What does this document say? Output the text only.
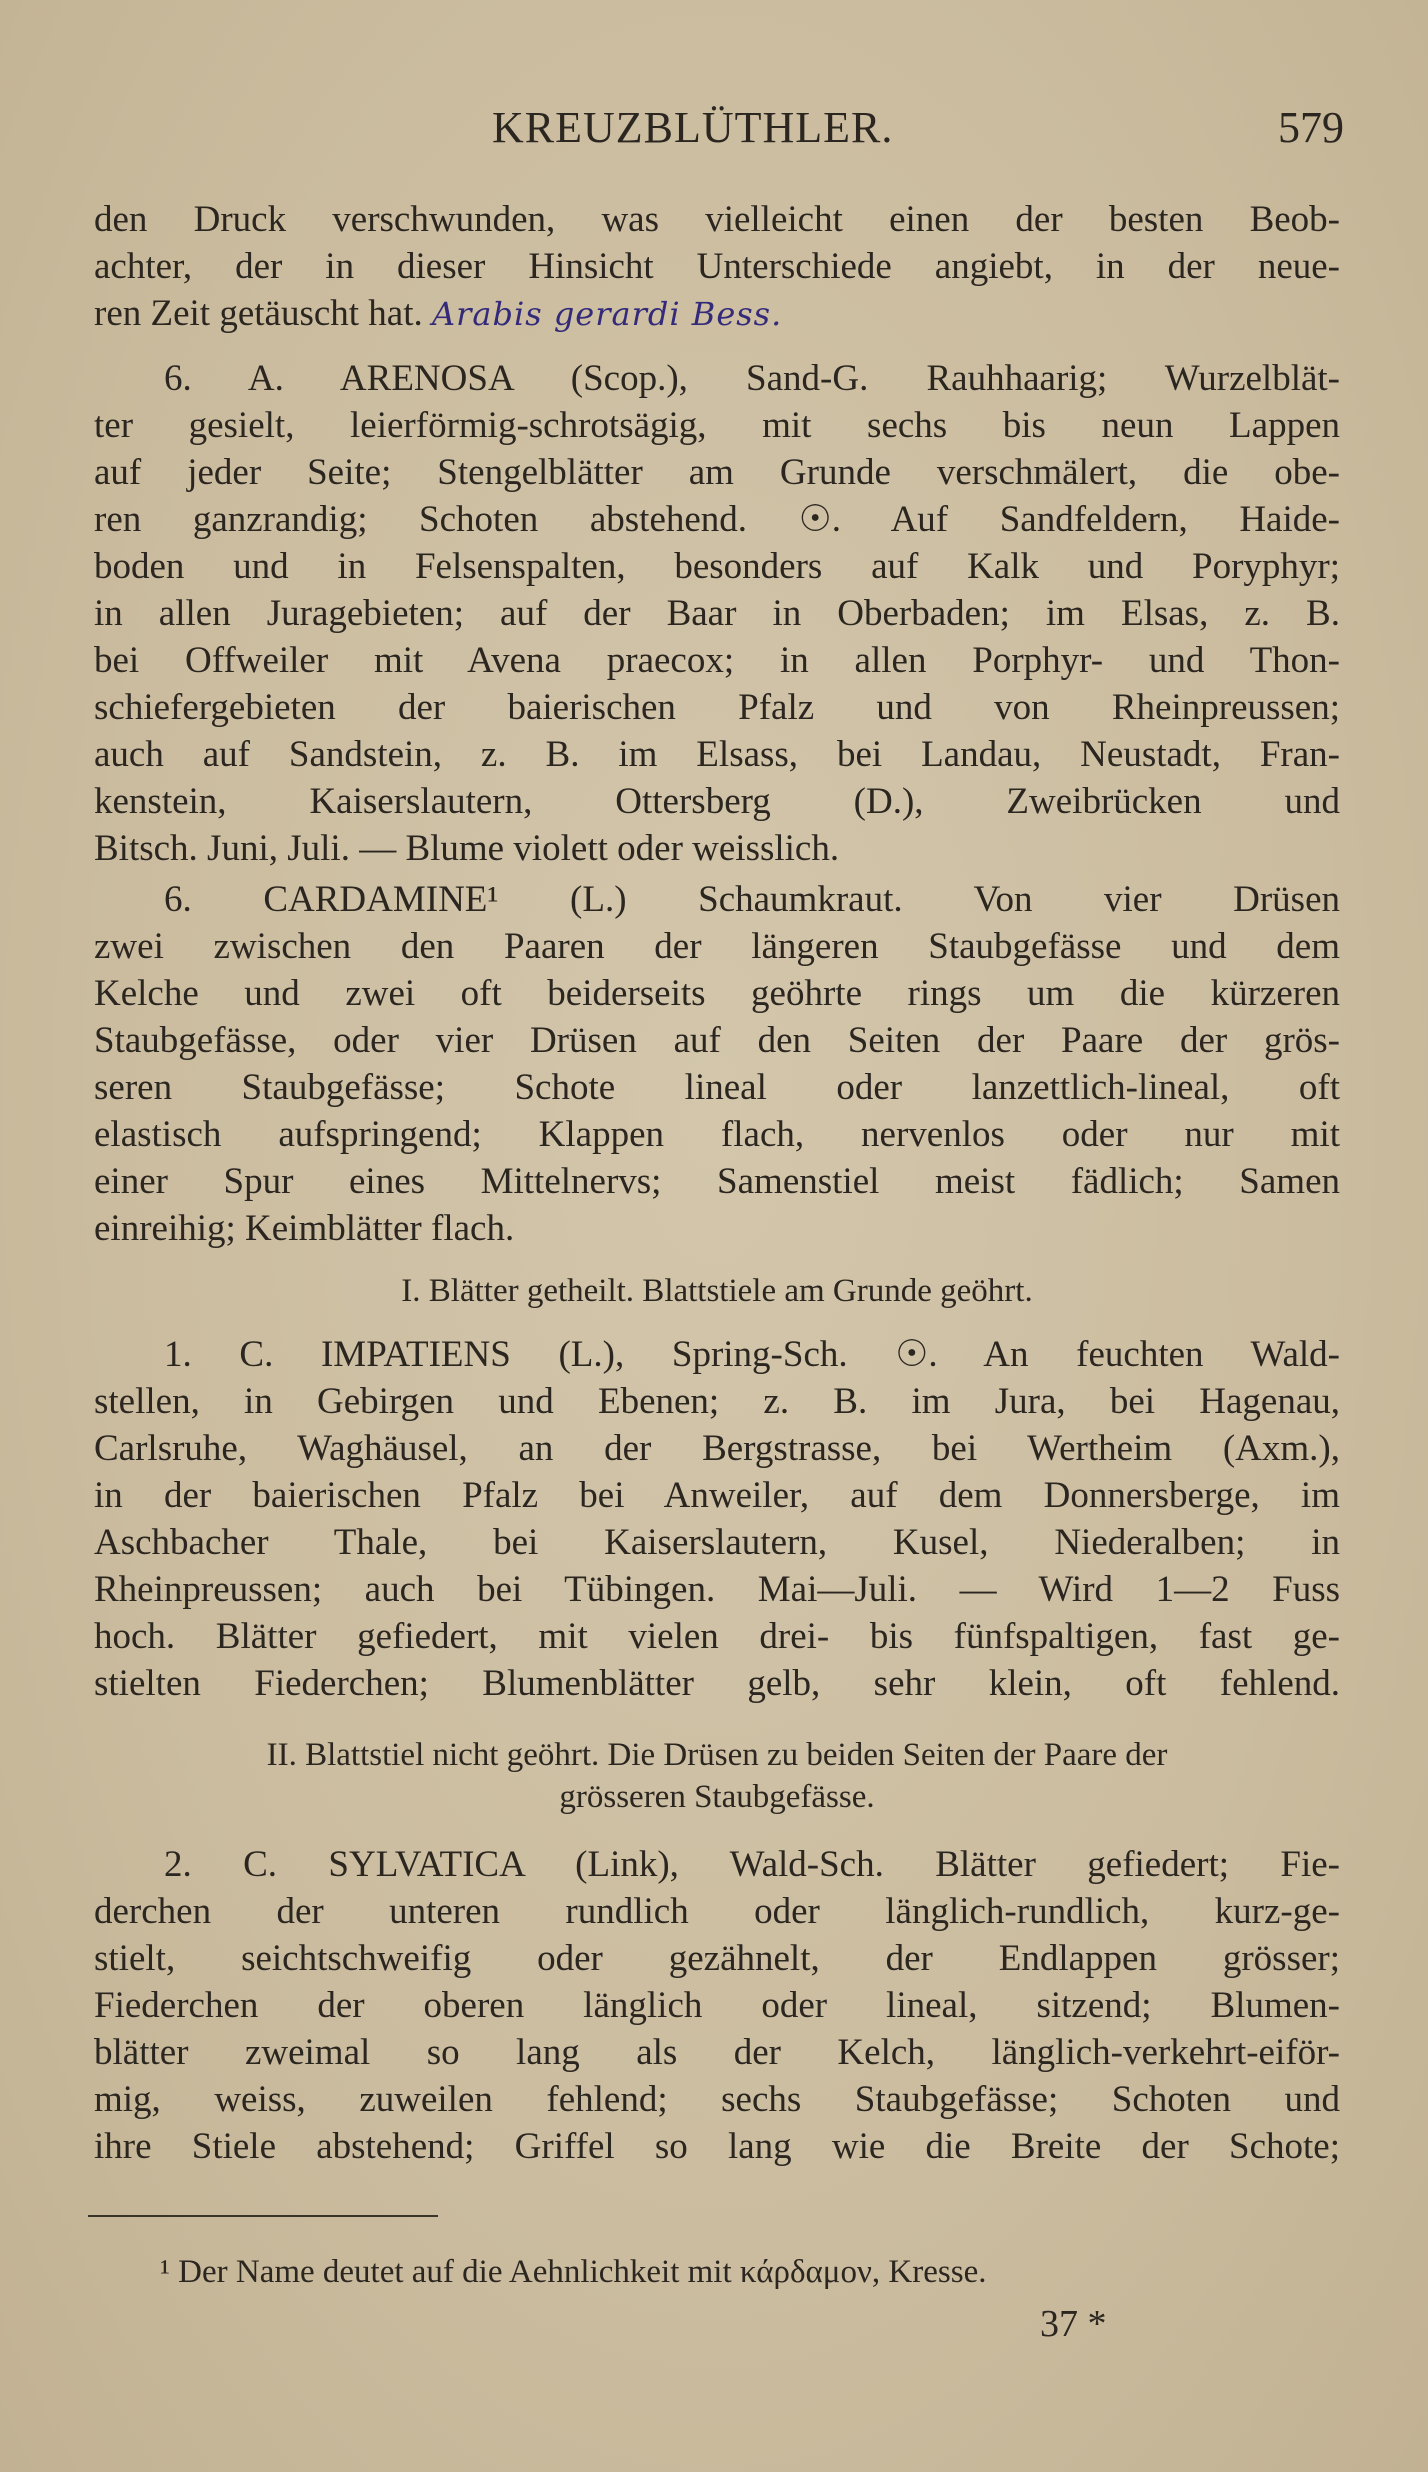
KREUZBLÜTHLER.	579
den Druck verschwunden, was vielleicht einen der besten Beob-
achter, der in dieser Hinsicht Unterschiede angiebt, in der neue-
ren Zeit getäuscht hat. Arabis gerardi Bess.
6. A. ARENOSA (Scop.), Sand-G. Rauhhaarig; Wurzelblät-
ter gesielt, leierförmig-schrotsägig, mit sechs bis neun Lappen
auf jeder Seite; Stengelblätter am Grunde verschmälert, die obe-
ren ganzrandig; Schoten abstehend. ☉. Auf Sandfeldern, Haide-
boden und in Felsenspalten, besonders auf Kalk und Poryphyr;
in allen Juragebieten; auf der Baar in Oberbaden; im Elsas, z. B.
bei Offweiler mit Avena praecox; in allen Porphyr- und Thon-
schiefergebieten der baierischen Pfalz und von Rheinpreussen;
auch auf Sandstein, z. B. im Elsass, bei Landau, Neustadt, Fran-
kenstein, Kaiserslautern, Ottersberg (D.), Zweibrücken und
Bitsch. Juni, Juli. — Blume violett oder weisslich.
6. CARDAMINE¹ (L.) Schaumkraut. Von vier Drüsen
zwei zwischen den Paaren der längeren Staubgefässe und dem
Kelche und zwei oft beiderseits geöhrte rings um die kürzeren
Staubgefässe, oder vier Drüsen auf den Seiten der Paare der grös-
seren Staubgefässe; Schote lineal oder lanzettlich-lineal, oft
elastisch aufspringend; Klappen flach, nervenlos oder nur mit
einer Spur eines Mittelnervs; Samenstiel meist fädlich; Samen
einreihig; Keimblätter flach.
I. Blätter getheilt. Blattstiele am Grunde geöhrt.
1. C. IMPATIENS (L.), Spring-Sch. ☉. An feuchten Wald-
stellen, in Gebirgen und Ebenen; z. B. im Jura, bei Hagenau,
Carlsruhe, Waghäusel, an der Bergstrasse, bei Wertheim (Axm.),
in der baierischen Pfalz bei Anweiler, auf dem Donnersberge, im
Aschbacher Thale, bei Kaiserslautern, Kusel, Niederalben; in
Rheinpreussen; auch bei Tübingen. Mai—Juli. — Wird 1—2 Fuss
hoch. Blätter gefiedert, mit vielen drei- bis fünfspaltigen, fast ge-
stielten Fiederchen; Blumenblätter gelb, sehr klein, oft fehlend.
II. Blattstiel nicht geöhrt. Die Drüsen zu beiden Seiten der Paare der
grösseren Staubgefässe.
2. C. SYLVATICA (Link), Wald-Sch. Blätter gefiedert; Fie-
derchen der unteren rundlich oder länglich-rundlich, kurz-ge-
stielt, seichtschweifig oder gezähnelt, der Endlappen grösser;
Fiederchen der oberen länglich oder lineal, sitzend; Blumen-
blätter zweimal so lang als der Kelch, länglich-verkehrt-eiför-
mig, weiss, zuweilen fehlend; sechs Staubgefässe; Schoten und
ihre Stiele abstehend; Griffel so lang wie die Breite der Schote;
¹ Der Name deutet auf die Aehnlichkeit mit κάρδαμον, Kresse.
37 *
